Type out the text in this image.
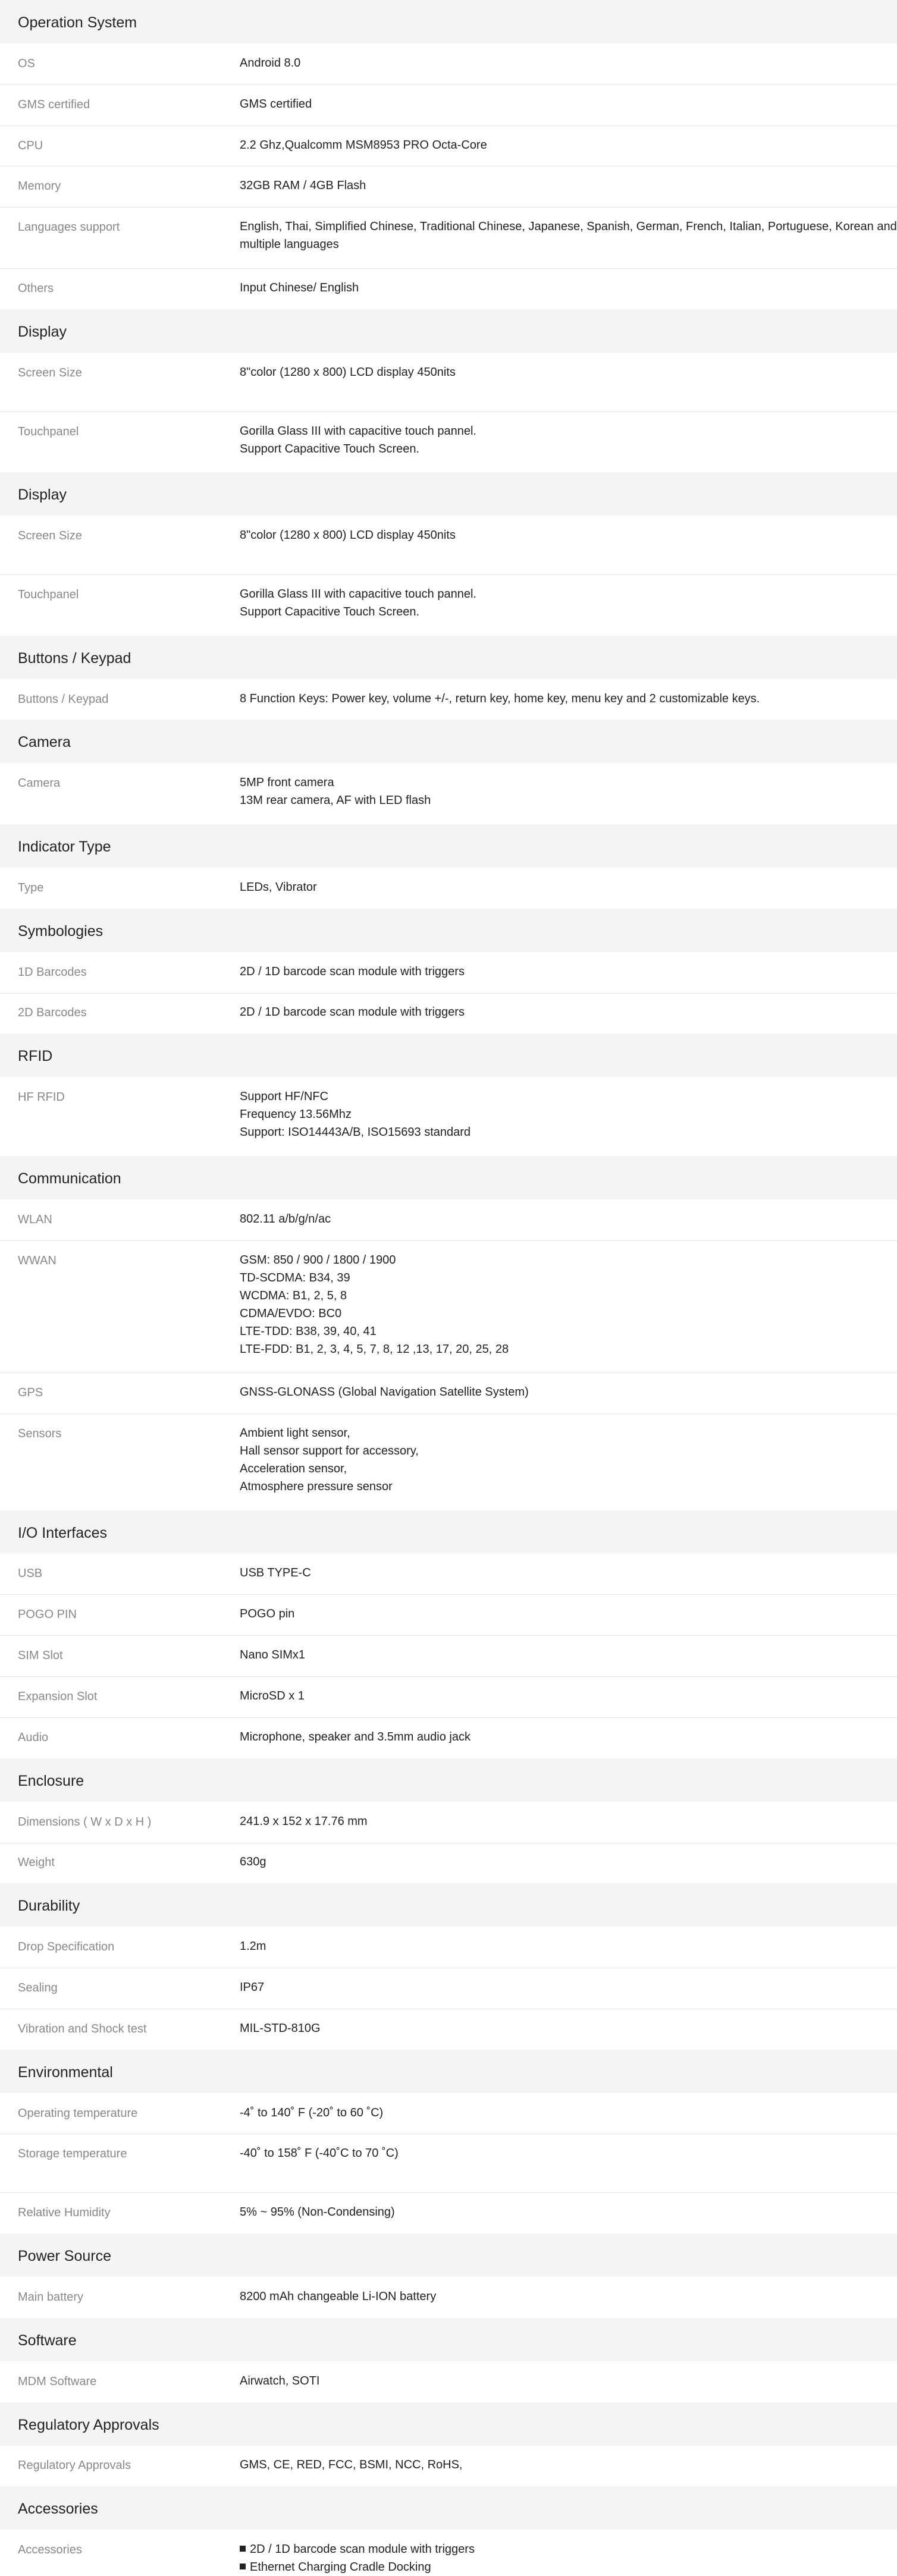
Operation System
OS	Android 8.0
GMS certified	GMS certified
CPU	2.2 Ghz,Qualcomm MSM8953 PRO Octa-Core
Memory	32GB RAM / 4GB Flash
Languages support	English, Thai, Simplified Chinese, Traditional Chinese, Japanese, Spanish, German, French, Italian, Portuguese, Korean and
multiple languages
Others	Input Chinese/ English
Display
Screen Size	8"color (1280 x 800) LCD display 450nits
Touchpanel	Gorilla Glass III with capacitive touch pannel.
Support Capacitive Touch Screen.
Display
Screen Size	8"color (1280 x 800) LCD display 450nits
Touchpanel	Gorilla Glass III with capacitive touch pannel.
Support Capacitive Touch Screen.
Buttons / Keypad
Buttons / Keypad	8 Function Keys: Power key, volume +/-, return key, home key, menu key and 2 customizable keys.
Camera
Camera	5MP front camera
13M rear camera, AF with LED flash
Indicator Type
Type	LEDs, Vibrator
Symbologies
1D Barcodes	2D / 1D barcode scan module with triggers
2D Barcodes	2D / 1D barcode scan module with triggers
RFID
HF RFID	Support HF/NFC
Frequency 13.56Mhz
Support: ISO14443A/B, ISO15693 standard
Communication
WLAN	802.11 a/b/g/n/ac
WWAN	GSM: 850 / 900 / 1800 / 1900
TD-SCDMA: B34, 39
WCDMA: B1, 2, 5, 8
CDMA/EVDO: BC0
LTE-TDD: B38, 39, 40, 41
LTE-FDD: B1, 2, 3, 4, 5, 7, 8, 12 ,13, 17, 20, 25, 28
GPS	GNSS-GLONASS (Global Navigation Satellite System)
Sensors	Ambient light sensor,
Hall sensor support for accessory,
Acceleration sensor,
Atmosphere pressure sensor
I/O Interfaces
USB	USB TYPE-C
POGO PIN	POGO pin
SIM Slot	Nano SIMx1
Expansion Slot	MicroSD x 1
Audio	Microphone, speaker and 3.5mm audio jack
Enclosure
Dimensions ( W x D x H )	241.9 x 152 x 17.76 mm
Weight	630g
Durability
Drop Specification	1.2m
Sealing	IP67
Vibration and Shock test	MIL-STD-810G
Environmental
Operating temperature	-4˚ to 140˚ F (-20˚ to 60 ˚C)
Storage temperature	-40˚ to 158˚ F (-40˚C to 70 ˚C)
Relative Humidity	5% ~ 95% (Non-Condensing)
Power Source
Main battery	8200 mAh changeable Li-ION battery
Software
MDM Software	Airwatch, SOTI
Regulatory Approvals
Regulatory Approvals	GMS, CE, RED, FCC, BSMI, NCC, RoHS,
Accessories
Accessories	2D / 1D barcode scan module with triggers
Ethernet Charging Cradle Docking
